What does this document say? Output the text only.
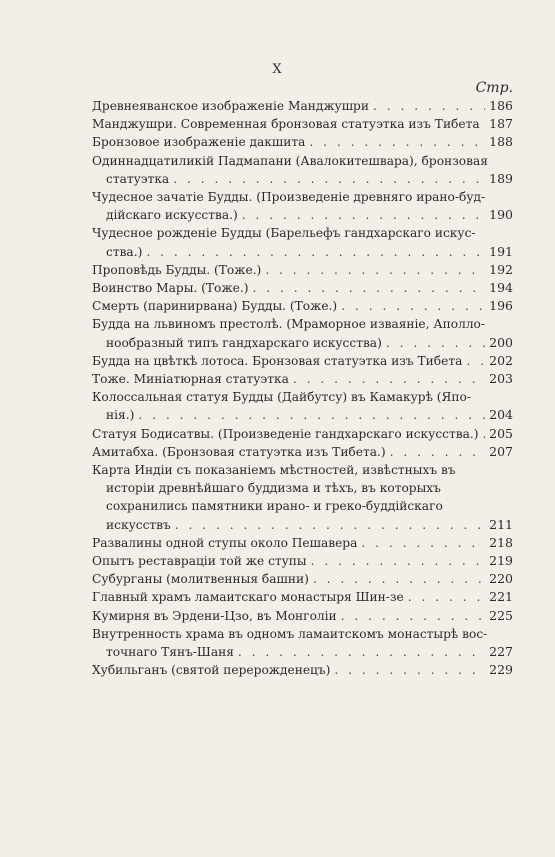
X
Стр.
Древнеяванское изображенiе Манджушри . . .	186
Манджушри. Современная бронзовая статуэтка изъ Тибета . . . 187
Бронзовое изображенiе дакшита . . .	188
Одиннадцатиликiй Падмапани (Авалокитешвара), бронзовая
статуэтка . . .	189
Чудесное зачатiе Будды. (Произведенiе древняго ирано-буд-
дiйскаго искусства.) . . .	190
Чудесное рожденiе Будды (Барельефъ гандхарскаго искус-
ства.) . . .	191
Проповѣдь Будды. (Тоже.) . . .	192
Воинство Мары. (Тоже.) . . .	194
Смерть (паринирвана) Будды. (Тоже.) . . .	196
Будда на львиномъ престолѣ. (Мраморное изваянiе, Аполло-
нообразный типъ гандхарскаго искусства) . . .	200
Будда на цвѣткѣ лотоса. Бронзовая статуэтка изъ Тибета . . . 202
Тоже. Миніатюрная статуэтка . . .	203
Колоссальная статуя Будды (Дайбутсу) въ Камакурѣ (Япо-
нiя.) . . .	204
Статуя Бодисатвы. (Произведенiе гандхарскаго искусства.) . . . 205
Амитабха. (Бронзовая статуэтка изъ Тибета.) . . .	207
Карта Индiи съ показанiемъ мѣстностей, извѣстныхъ въ
исторiи древнѣйшаго буддизма и тѣхъ, въ которыхъ
сохранились памятники ирано- и греко-буддiйскаго
искусствъ . . .	211
Развалины одной ступы около Пешавера . . .	218
Опытъ реставрацiи той же ступы . . .	219
Субурганы (молитвенныя башни) . . .	220
Главный храмъ ламаитскаго монастыря Шин-зе . . .	221
Кумирня въ Эрдени-Цзо, въ Монголiи . . .	225
Внутренность храма въ одномъ ламаитскомъ монастырѣ вос-
точнаго Тянъ-Шаня . . .	227
Хубильганъ (святой перерожденецъ) . . .	229
